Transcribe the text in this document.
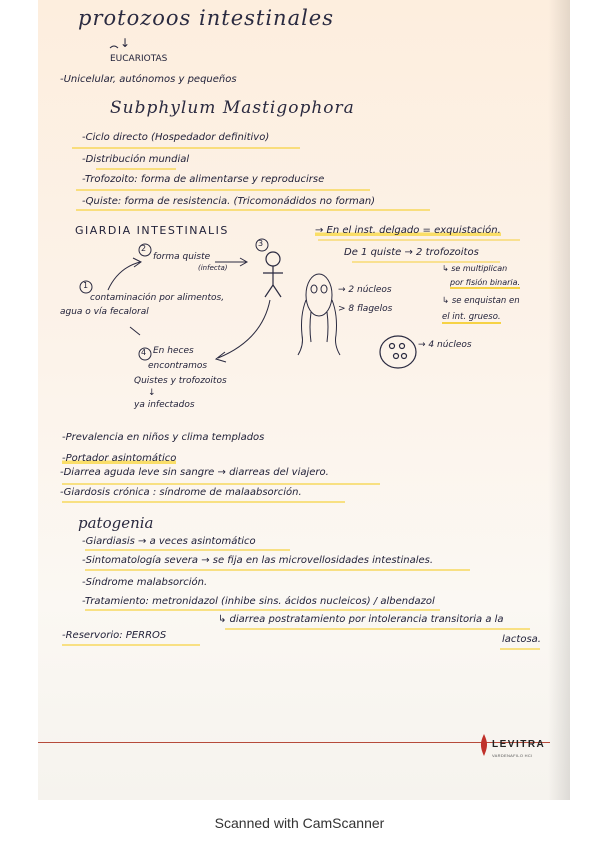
protozoos intestinales
↓
EUCARIOTAS
-Unicelular, autónomos y pequeños
Subphylum Mastigophora
-Ciclo directo (Hospedador definitivo)
-Distribución mundial
-Trofozoito: forma de alimentarse y reproducirse
-Quiste: forma de resistencia. (Tricomonádidos no forman)
GIARDIA INTESTINALIS
2
forma quiste
(infecta)
3
1
contaminación por alimentos,
agua o vía fecaloral
4 En heces
encontramos
Quistes y trofozoitos
↓
ya infectados
→ En el inst. delgado = exquistación.
De 1 quiste → 2 trofozoitos
↳ se multiplican
por fisión binaria.
↳ se enquistan en
el int. grueso.
→ 2 núcleos
> 8 flagelos
→ 4 núcleos
-Prevalencia en niños y clima templados
-Portador asintomático
-Diarrea aguda leve sin sangre → diarreas del viajero.
-Giardosis crónica : síndrome de malaabsorción.
patogenia
-Giardiasis → a veces asintomático
-Sintomatología severa → se fija en las microvellosidades intestinales.
-Síndrome malabsorción.
-Tratamiento: metronidazol (inhibe sins. ácidos nucleicos) / albendazol
↳ diarrea postratamiento por intolerancia transitoria a la
lactosa.
-Reservorio: PERROS
LEVITRA
VARDENAFILO HCl
Scanned with CamScanner
